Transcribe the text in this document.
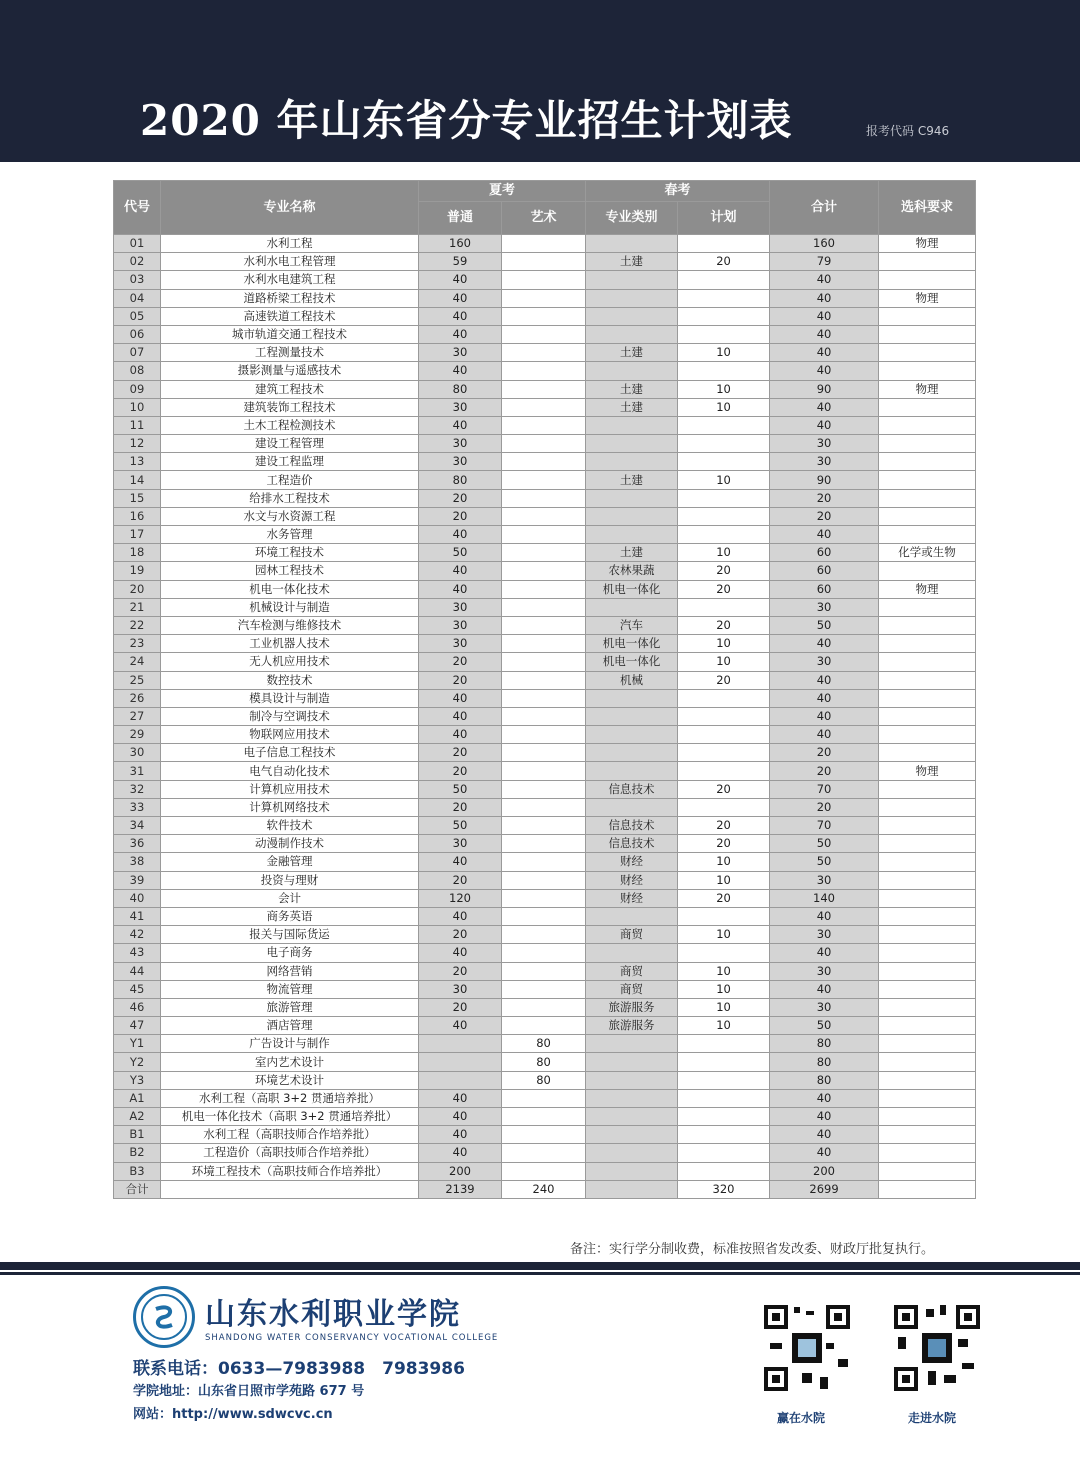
2020 年山东省分专业招生计划表	报考代码 C946
代号	专业名称	夏考		春考		合计	选科要求
		普通	艺术	专业类别	计划		
01	水利工程	160				160	物理
02	水利水电工程管理	59		土建	20	79	
03	水利水电建筑工程	40				40	
04	道路桥梁工程技术	40				40	物理
05	高速铁道工程技术	40				40	
06	城市轨道交通工程技术	40				40	
07	工程测量技术	30		土建	10	40	
08	摄影测量与遥感技术	40				40	
09	建筑工程技术	80		土建	10	90	物理
10	建筑装饰工程技术	30		土建	10	40	
11	土木工程检测技术	40				40	
12	建设工程管理	30				30	
13	建设工程监理	30				30	
14	工程造价	80		土建	10	90	
15	给排水工程技术	20				20	
16	水文与水资源工程	20				20	
17	水务管理	40				40	
18	环境工程技术	50		土建	10	60	化学或生物
19	园林工程技术	40		农林果蔬	20	60	
20	机电一体化技术	40		机电一体化	20	60	物理
21	机械设计与制造	30				30	
22	汽车检测与维修技术	30		汽车	20	50	
23	工业机器人技术	30		机电一体化	10	40	
24	无人机应用技术	20		机电一体化	10	30	
25	数控技术	20		机械	20	40	
26	模具设计与制造	40				40	
27	制冷与空调技术	40				40	
29	物联网应用技术	40				40	
30	电子信息工程技术	20				20	
31	电气自动化技术	20				20	物理
32	计算机应用技术	50		信息技术	20	70	
33	计算机网络技术	20				20	
34	软件技术	50		信息技术	20	70	
36	动漫制作技术	30		信息技术	20	50	
38	金融管理	40		财经	10	50	
39	投资与理财	20		财经	10	30	
40	会计	120		财经	20	140	
41	商务英语	40				40	
42	报关与国际货运	20		商贸	10	30	
43	电子商务	40				40	
44	网络营销	20		商贸	10	30	
45	物流管理	30		商贸	10	40	
46	旅游管理	20		旅游服务	10	30	
47	酒店管理	40		旅游服务	10	50	
Y1	广告设计与制作		80			80	
Y2	室内艺术设计		80			80	
Y3	环境艺术设计		80			80	
A1	水利工程（高职 3+2 贯通培养批）	40				40	
A2	机电一体化技术（高职 3+2 贯通培养批）	40				40	
B1	水利工程（高职技师合作培养批）	40				40	
B2	工程造价（高职技师合作培养批）	40				40	
B3	环境工程技术（高职技师合作培养批）	200				200	
合计		2139	240		320	2699	
备注：实行学分制收费，标准按照省发改委、财政厅批复执行。
山东水利职业学院
SHANDONG WATER CONSERVANCY VOCATIONAL COLLEGE
联系电话：0633—7983988　7983986
学院地址：山东省日照市学苑路 677 号
网站：http://www.sdwcvc.cn	赢在水院	走进水院
